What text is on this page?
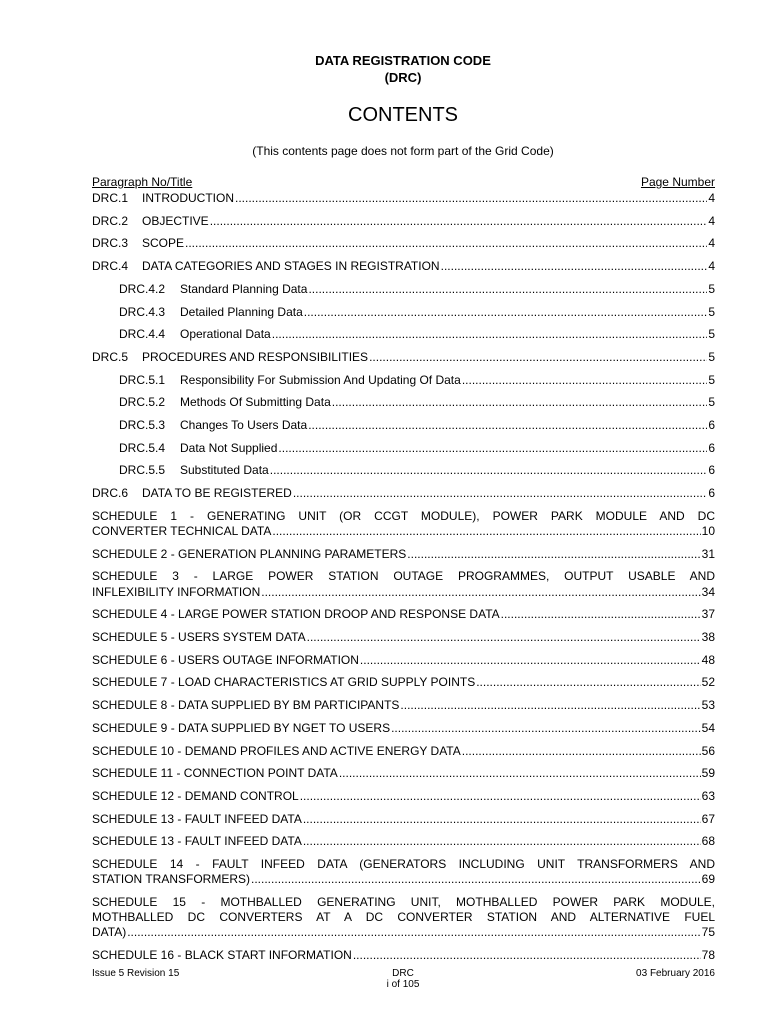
DATA REGISTRATION CODE
(DRC)
CONTENTS
(This contents page does not form part of the Grid Code)
Paragraph No/Title	Page Number
DRC.1	INTRODUCTION .....	4
DRC.2	OBJECTIVE .....	4
DRC.3	SCOPE .....	4
DRC.4	DATA CATEGORIES AND STAGES IN REGISTRATION .....	4
DRC.4.2	Standard Planning Data .....	5
DRC.4.3	Detailed Planning Data .....	5
DRC.4.4	Operational Data .....	5
DRC.5	PROCEDURES AND RESPONSIBILITIES .....	5
DRC.5.1	Responsibility For Submission And Updating Of Data .....	5
DRC.5.2	Methods Of Submitting Data .....	5
DRC.5.3	Changes To Users Data .....	6
DRC.5.4	Data Not Supplied .....	6
DRC.5.5	Substituted Data .....	6
DRC.6	DATA TO BE REGISTERED .....	6
SCHEDULE 1 - GENERATING UNIT (OR CCGT MODULE), POWER PARK MODULE AND DC
CONVERTER TECHNICAL DATA .....	10
SCHEDULE 2 - GENERATION PLANNING PARAMETERS .....	31
SCHEDULE 3 - LARGE POWER STATION OUTAGE PROGRAMMES, OUTPUT USABLE AND
INFLEXIBILITY INFORMATION .....	34
SCHEDULE 4 - LARGE POWER STATION DROOP AND RESPONSE DATA .....	37
SCHEDULE 5 - USERS SYSTEM DATA .....	38
SCHEDULE 6 - USERS OUTAGE INFORMATION .....	48
SCHEDULE 7 - LOAD CHARACTERISTICS AT GRID SUPPLY POINTS .....	52
SCHEDULE 8 - DATA SUPPLIED BY BM PARTICIPANTS .....	53
SCHEDULE 9 - DATA SUPPLIED BY NGET TO USERS .....	54
SCHEDULE 10 - DEMAND PROFILES AND ACTIVE ENERGY DATA .....	56
SCHEDULE 11 - CONNECTION POINT DATA .....	59
SCHEDULE 12 - DEMAND CONTROL .....	63
SCHEDULE 13 - FAULT INFEED DATA .....	67
SCHEDULE 13 - FAULT INFEED DATA .....	68
SCHEDULE 14 - FAULT INFEED DATA (GENERATORS INCLUDING UNIT TRANSFORMERS AND
STATION TRANSFORMERS) .....	69
SCHEDULE 15 - MOTHBALLED GENERATING UNIT, MOTHBALLED POWER PARK MODULE,
MOTHBALLED DC CONVERTERS AT A DC CONVERTER STATION AND ALTERNATIVE FUEL
DATA) .....	75
SCHEDULE 16 - BLACK START INFORMATION .....	78
Issue 5 Revision 15	DRC
i of 105
03 February 2016
